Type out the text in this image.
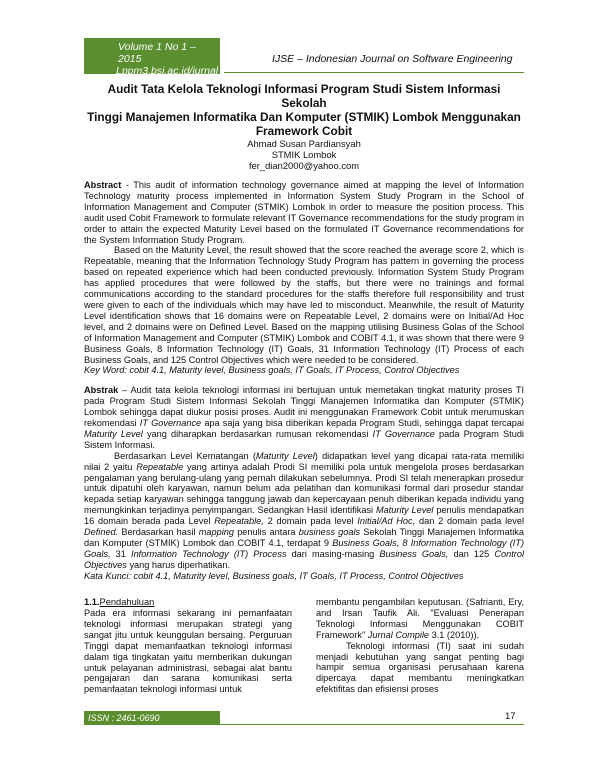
Volume 1 No 1 – 2015
Lppm3.bsi.ac.id/jurnal
IJSE – Indonesian Journal on Software Engineering
Audit Tata Kelola Teknologi Informasi Program Studi Sistem Informasi Sekolah
Tinggi Manajemen Informatika Dan Komputer (STMIK) Lombok Menggunakan
Framework Cobit
Ahmad Susan Pardiansyah
STMIK Lombok
fer_dian2000@yahoo.com

Abstract - This audit of information technology governance aimed at mapping the level of Information Technology maturity process implemented in Information System Study Program in the School of Information Management and Computer (STMIK) Lombok in order to measure the position process. This audit used Cobit Framework to formulate relevant IT Governance recommendations for the study program in order to attain the expected Maturity Level based on the formulated IT Governance recommendations for the System Information Study Program.

Based on the Maturity Level, the result showed that the score reached the average score 2, which is Repeatable, meaning that the Information Technology Study Program has pattern in governing the process based on repeated experience which had been conducted previously. Information System Study Program has applied procedures that were followed by the staffs, but there were no trainings and formal communications according to the standard procedures for the staffs therefore full responsibility and trust were given to each of the individuals which may have led to misconduct. Meanwhile, the result of Maturity Level identification shows that 16 domains were on Repeatable Level, 2 domains were on Initial/Ad Hoc level, and 2 domains were on Defined Level. Based on the mapping utilising Business Golas of the School of Information Management and Computer (STMIK) Lombok and COBIT 4.1, it was shown that there were 9 Business Goals, 8 Information Technology (IT) Goals, 31 Information Technology (IT) Process of each Business Goals, and 125 Control Objectives which were needed to be considered.

Key Word: cobit 4.1, Maturity level, Business goals, IT Goals, IT Process, Control Objectives

Abstrak – Audit tata kelola teknologi informasi ini bertujuan untuk memetakan tingkat maturity proses TI pada Program Studi Sistem Informasi Sekolah Tinggi Manajemen Informatika dan Komputer (STMIK) Lombok sehingga dapat diukur posisi proses. Audit ini menggunakan Framework Cobit untuk merumuskan rekomendasi IT Governance apa saja yang bisa diberikan kepada Program Studi, sehingga dapat tercapai Maturity Level yang diharapkan berdasarkan rumusan rekomendasi IT Governance pada Program Studi Sistem Informasi.

Berdasarkan Level Kematangan (Maturity Level) didapatkan level yang dicapai rata-rata memiliki nilai 2 yaitu Repeatable yang artinya adalah Prodi SI memiliki pola untuk mengelola proses berdasarkan pengalaman yang berulang-ulang yang pernah dilakukan sebelumnya. Prodi SI telah menerapkan prosedur untuk dipatuhi oleh karyawan, namun belum ada pelatihan dan komunikasi formal dari prosedur standar kepada setiap karyawan sehingga tanggung jawab dan kepercayaan penuh diberikan kepada individu yang memungkinkan terjadinya penyimpangan. Sedangkan Hasil identifikasi Maturity Level penulis mendapatkan 16 domain berada pada Level Repeatable, 2 domain pada level Initial/Ad Hoc, dan 2 domain pada level Defined. Berdasarkan hasil mapping penulis antara business goals Sekolah Tinggi Manajemen Informatika dan Komputer (STMIK) Lombok dan COBIT 4.1, terdapat 9 Business Goals, 8 Information Technology (IT) Goals, 31 Information Technology (IT) Process dari masing-masing Business Goals, dan 125 Control Objectives yang harus diperhatikan.

Kata Kunci: cobit 4.1, Maturity level, Business goals, IT Goals, IT Process, Control Objectives

1.1.Pendahuluan

Pada era informasi sekarang ini pemanfaatan teknologi informasi merupakan strategi yang sangat jitu untuk keunggulan bersaing. Perguruan Tinggi dapat memanfaatkan teknologi informasi dalam tiga tingkatan yaitu memberikan dukungan untuk pelayanan administrasi, sebagai alat bantu pengajaran dan sarana komunikasi serta pemanfaatan teknologi informasi untuk

membantu pengambilan keputusan. (Safrianti, Ery, and Irsan Taufik Ali. "Evaluasi Penerapan Teknologi Informasi Menggunakan COBIT Framework" Jurnal Compile 3.1 (2010)).

Teknologi informasi (TI) saat ini sudah menjadi kebutuhan yang sangat penting bagi hampir semua organisasi perusahaan karena dipercaya dapat membantu meningkatkan efektifitas dan efisiensi proses

ISSN : 2461-0690	17
